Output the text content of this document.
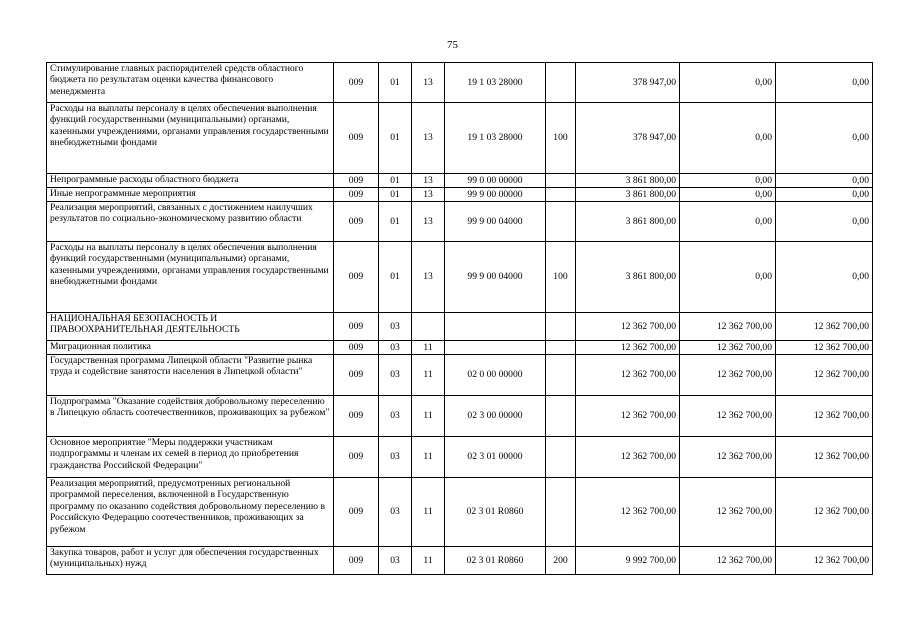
75
Стимулирование главных распорядителей средств областного бюджета по результатам оценки качества финансового менеджмента	009	01	13	19 1 03 28000		378 947,00	0,00	0,00
Расходы на выплаты персоналу в целях обеспечения выполнения функций государственными (муниципальными) органами, казенными учреждениями, органами управления государственными внебюджетными фондами	009	01	13	19 1 03 28000	100	378 947,00	0,00	0,00
Непрограммные расходы областного бюджета	009	01	13	99 0 00 00000		3 861 800,00	0,00	0,00
Иные непрограммные мероприятия	009	01	13	99 9 00 00000		3 861 800,00	0,00	0,00
Реализация мероприятий, связанных с достижением наилучших результатов по социально-экономическому развитию области	009	01	13	99 9 00 04000		3 861 800,00	0,00	0,00
Расходы на выплаты персоналу в целях обеспечения выполнения функций государственными (муниципальными) органами, казенными учреждениями, органами управления государственными внебюджетными фондами	009	01	13	99 9 00 04000	100	3 861 800,00	0,00	0,00
НАЦИОНАЛЬНАЯ БЕЗОПАСНОСТЬ И ПРАВООХРАНИТЕЛЬНАЯ ДЕЯТЕЛЬНОСТЬ	009	03				12 362 700,00	12 362 700,00	12 362 700,00
Миграционная политика	009	03	11			12 362 700,00	12 362 700,00	12 362 700,00
Государственная программа Липецкой области "Развитие рынка труда и содействие занятости населения в Липецкой области"	009	03	11	02 0 00 00000		12 362 700,00	12 362 700,00	12 362 700,00
Подпрограмма "Оказание содействия добровольному переселению в Липецкую область соотечественников, проживающих за рубежом"	009	03	11	02 3 00 00000		12 362 700,00	12 362 700,00	12 362 700,00
Основное мероприятие "Меры поддержки участникам подпрограммы и членам их семей в период до приобретения гражданства Российской Федерации"	009	03	11	02 3 01 00000		12 362 700,00	12 362 700,00	12 362 700,00
Реализация мероприятий, предусмотренных региональной программой переселения, включенной в Государственную программу по оказанию содействия добровольному переселению в Российскую Федерацию соотечественников, проживающих за рубежом	009	03	11	02 3 01 R0860		12 362 700,00	12 362 700,00	12 362 700,00
Закупка товаров, работ и услуг для обеспечения государственных (муниципальных) нужд	009	03	11	02 3 01 R0860	200	9 992 700,00	12 362 700,00	12 362 700,00
